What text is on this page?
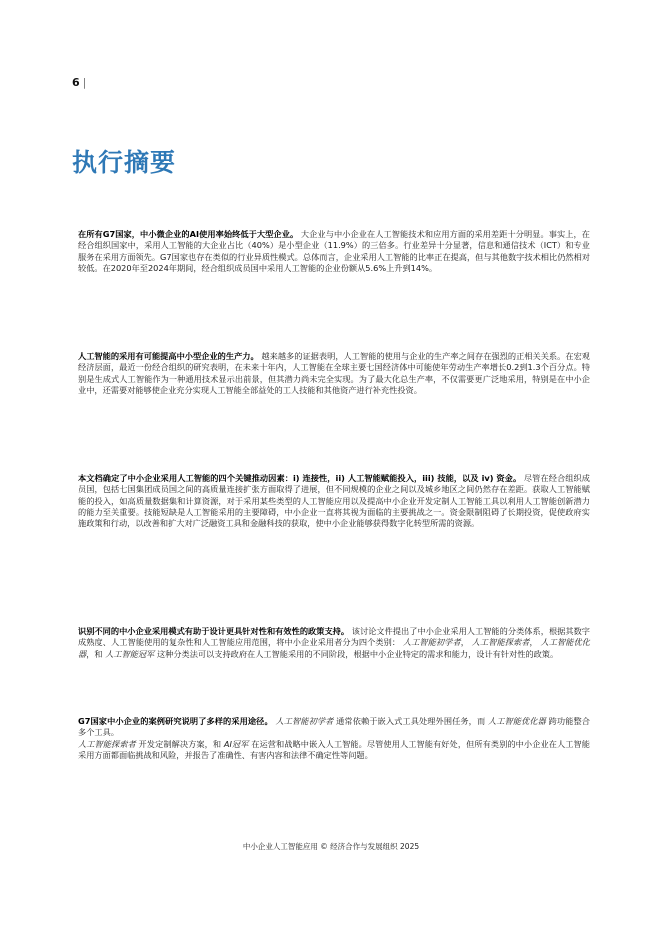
6 |
执行摘要
在所有G7国家，中小微企业的AI使用率始终低于大型企业。 大企业与中小企业在人工智能技术和应用方面的采用差距十分明显。事实上，在经合组织国家中，采用人工智能的大企业占比（40%）是小型企业（11.9%）的三倍多。行业差异十分显著，信息和通信技术（ICT）和专业服务在采用方面领先。G7国家也存在类似的行业异质性模式。总体而言，企业采用人工智能的比率正在提高，但与其他数字技术相比仍然相对较低。在2020年至2024年期间，经合组织成员国中采用人工智能的企业份额从5.6%上升到14%。
人工智能的采用有可能提高中小型企业的生产力。 越来越多的证据表明，人工智能的使用与企业的生产率之间存在强烈的正相关关系。在宏观经济层面，最近一份经合组织的研究表明，在未来十年内，人工智能在全球主要七国经济体中可能使年劳动生产率增长0.2到1.3个百分点。特别是生成式人工智能作为一种通用技术显示出前景，但其潜力尚未完全实现。为了最大化总生产率，不仅需要更广泛地采用，特别是在中小企业中，还需要对能够使企业充分实现人工智能全部益处的工人技能和其他资产进行补充性投资。
本文档确定了中小企业采用人工智能的四个关键推动因素：i) 连接性，ii) 人工智能赋能投入，iii) 技能，以及 iv) 资金。 尽管在经合组织成员国，包括七国集团成员国之间的高质量连接扩张方面取得了进展，但不同规模的企业之间以及城乡地区之间仍然存在差距。获取人工智能赋能的投入，如高质量数据集和计算资源，对于采用某些类型的人工智能应用以及提高中小企业开发定制人工智能工具以利用人工智能创新潜力的能力至关重要。技能短缺是人工智能采用的主要障碍，中小企业一直将其视为面临的主要挑战之一。资金限制阻碍了长期投资，促使政府实施政策和行动，以改善和扩大对广泛融资工具和金融科技的获取，使中小企业能够获得数字化转型所需的资源。
识别不同的中小企业采用模式有助于设计更具针对性和有效性的政策支持。 该讨论文件提出了中小企业采用人工智能的分类体系，根据其数字成熟度、人工智能使用的复杂性和人工智能应用范围，将中小企业采用者分为四个类别： 人工智能初学者， 人工智能探索者， 人工智能优化器，和 人工智能冠军 这种分类法可以支持政府在人工智能采用的不同阶段，根据中小企业特定的需求和能力，设计有针对性的政策。
G7国家中小企业的案例研究说明了多样的采用途径。 人工智能初学者 通常依赖于嵌入式工具处理外围任务，而 人工智能优化器 跨功能整合多个工具。
人工智能探索者 开发定制解决方案，和 AI冠军 在运营和战略中嵌入人工智能。尽管使用人工智能有好处，但所有类别的中小企业在人工智能采用方面都面临挑战和风险，并报告了准确性、有害内容和法律不确定性等问题。
中小企业人工智能应用 © 经济合作与发展组织 2025
